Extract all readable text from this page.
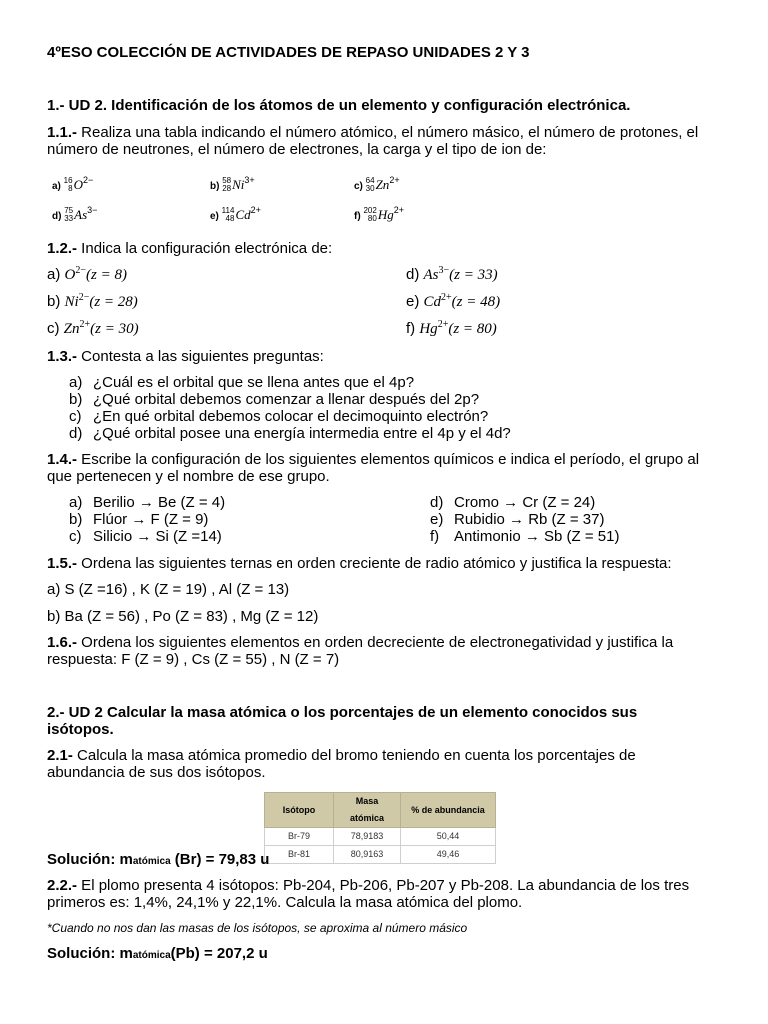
4ºESO COLECCIÓN DE ACTIVIDADES DE REPASO UNIDADES 2 Y 3
1.- UD 2. Identificación de los átomos de un elemento y configuración electrónica.
1.1.- Realiza una tabla indicando el número atómico, el número másico, el número de protones, el
número de neutrones, el número de electrones, la carga y el tipo de ion de:
a)
16
8 $O^{2-}$
b)
58
28 $Ni^{3+}$
c)
64
30 $Zn^{2+}$
d)
75
33 $As^{3-}$
e)
114
48 $Cd^{2+}$
f)
202
80 $Hg^{2+}$
1.2.- Indica la configuración electrónica de:
a) $O^{2-}(z = 8)$	d) $As^{3-}(z = 33)$
b) $Ni^{2-}(z = 28)$	e) $Cd^{2+}(z = 48)$
c) $Zn^{2+}(z = 30)$	f) $Hg^{2+}(z = 80)$
1.3.- Contesta a las siguientes preguntas:
a) ¿Cuál es el orbital que se llena antes que el 4p?
b) ¿Qué orbital debemos comenzar a llenar después del 2p?
c) ¿En qué orbital debemos colocar el decimoquinto electrón?
d) ¿Qué orbital posee una energía intermedia entre el 4p y el 4d?
1.4.- Escribe la configuración de los siguientes elementos químicos e indica el período, el grupo al
que pertenecen y el nombre de ese grupo.
a) Berilio → Be (Z = 4)	d) Cromo → Cr (Z = 24)
b) Flúor → F (Z = 9)	e) Rubidio → Rb (Z = 37)
c) Silicio → Si (Z =14)	f) Antimonio → Sb (Z = 51)
1.5.- Ordena las siguientes ternas en orden creciente de radio atómico y justifica la respuesta:
a) S (Z =16) , K (Z = 19) , Al (Z = 13)
b) Ba (Z = 56) , Po (Z = 83) , Mg (Z = 12)
1.6.- Ordena los siguientes elementos en orden decreciente de electronegatividad y justifica la
respuesta: F (Z = 9) , Cs (Z = 55) , N (Z = 7)
2.- UD 2 Calcular la masa atómica o los porcentajes de un elemento conocidos sus
isótopos.
2.1- Calcula la masa atómica promedio del bromo teniendo en cuenta los porcentajes de
abundancia de sus dos isótopos.
Isótopo	Masa atómica	% de abundancia
Br-79	78,9183	50,44
Br-81	80,9163	49,46
Solución: matómica (Br) = 79,83 u
2.2.- El plomo presenta 4 isótopos: Pb-204, Pb-206, Pb-207 y Pb-208. La abundancia de los tres
primeros es: 1,4%, 24,1% y 22,1%. Calcula la masa atómica del plomo.
*Cuando no nos dan las masas de los isótopos, se aproxima al número másico
Solución: matómica(Pb) = 207,2 u
